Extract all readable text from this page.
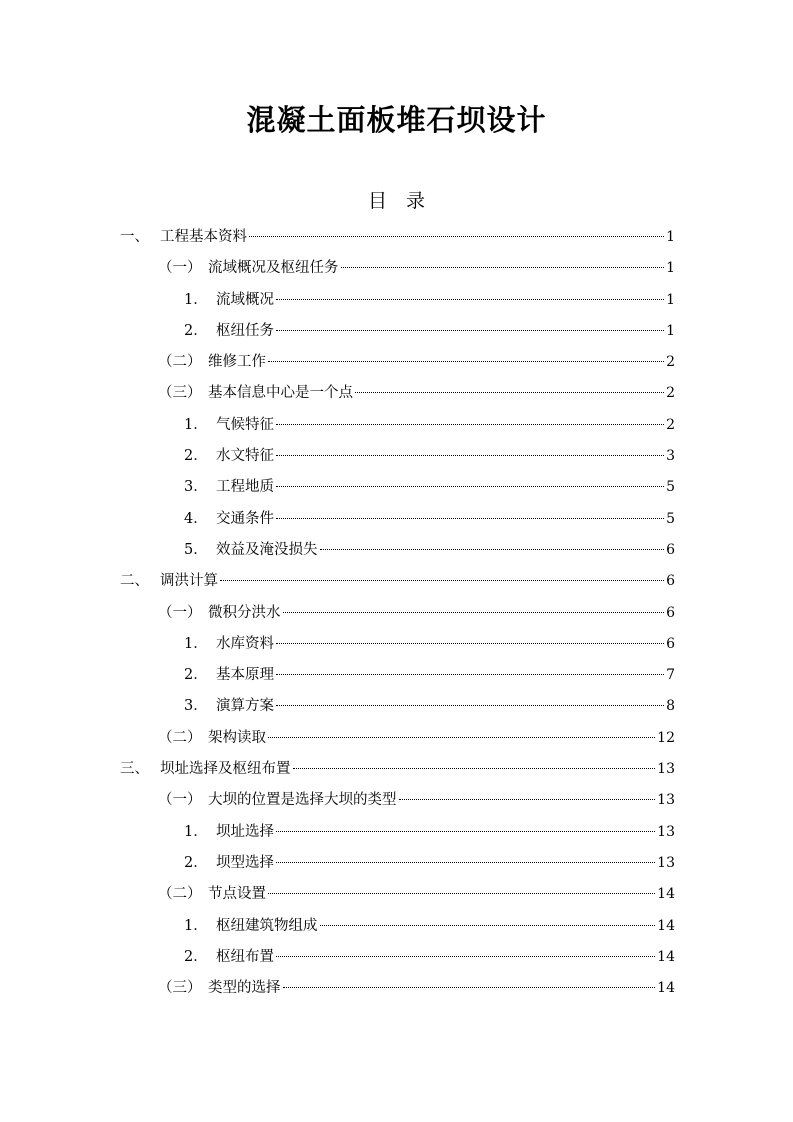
混凝土面板堆石坝设计
目　录
一、 工程基本资料	1
（一） 流域概况及枢纽任务	1
1． 流域概况	1
2． 枢纽任务	1
（二） 维修工作	2
（三） 基本信息中心是一个点	2
1． 气候特征	2
2． 水文特征	3
3． 工程地质	5
4． 交通条件	5
5． 效益及淹没损失	6
二、 调洪计算	6
（一） 微积分洪水	6
1． 水库资料	6
2． 基本原理	7
3． 演算方案	8
（二） 架构读取	12
三、 坝址选择及枢纽布置	13
（一） 大坝的位置是选择大坝的类型	13
1． 坝址选择	13
2． 坝型选择	13
（二） 节点设置	14
1． 枢纽建筑物组成	14
2． 枢纽布置	14
（三） 类型的选择	14
